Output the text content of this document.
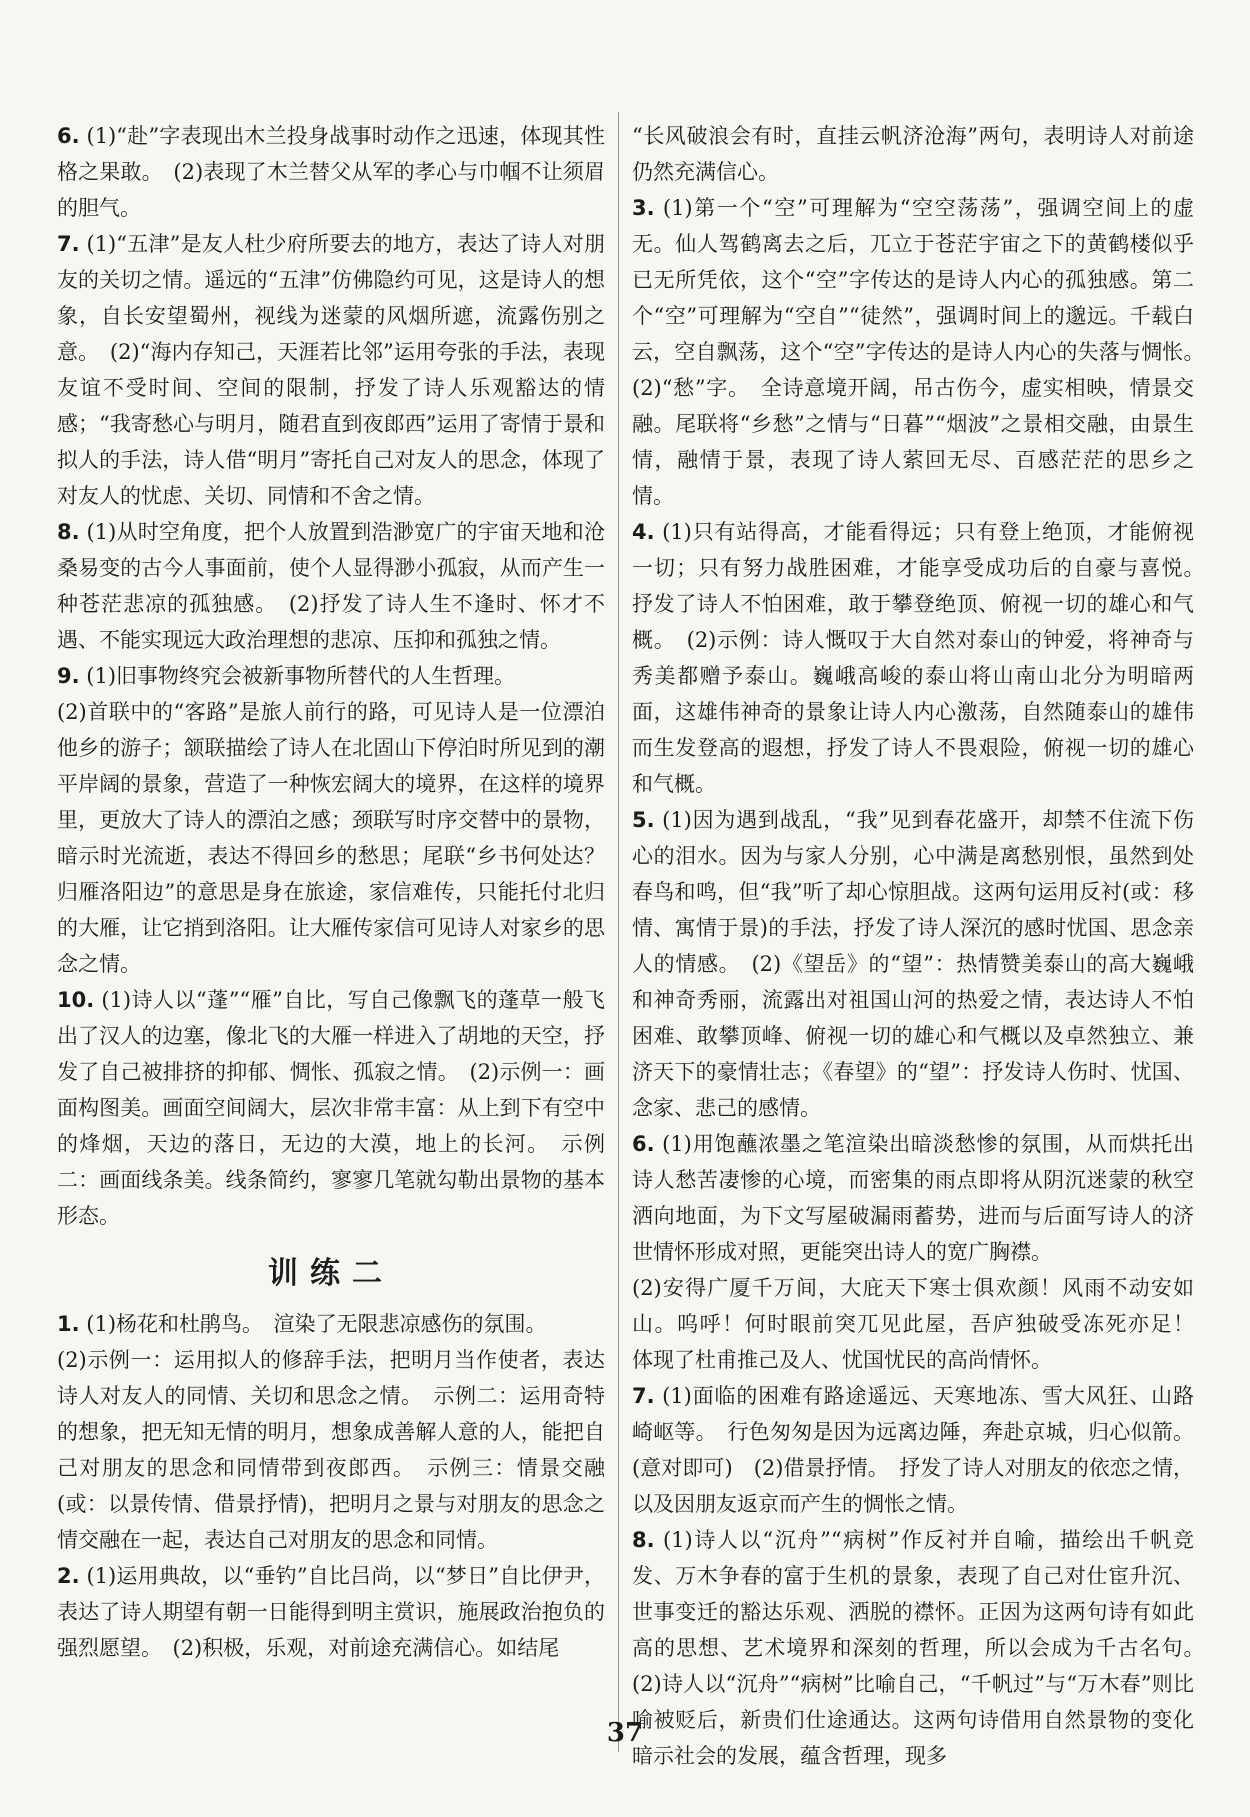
6. (1)“赴”字表现出木兰投身战事时动作之迅速，体现其性格之果敢。　(2)表现了木兰替父从军的孝心与巾帼不让须眉的胆气。

7. (1)“五津”是友人杜少府所要去的地方，表达了诗人对朋友的关切之情。遥远的“五津”仿佛隐约可见，这是诗人的想象，自长安望蜀州，视线为迷蒙的风烟所遮，流露伤别之意。　(2)“海内存知己，天涯若比邻”运用夸张的手法，表现友谊不受时间、空间的限制，抒发了诗人乐观豁达的情感；“我寄愁心与明月，随君直到夜郎西”运用了寄情于景和拟人的手法，诗人借“明月”寄托自己对友人的思念，体现了对友人的忧虑、关切、同情和不舍之情。

8. (1)从时空角度，把个人放置到浩渺宽广的宇宙天地和沧桑易变的古今人事面前，使个人显得渺小孤寂，从而产生一种苍茫悲凉的孤独感。　(2)抒发了诗人生不逢时、怀才不遇、不能实现远大政治理想的悲凉、压抑和孤独之情。

9. (1)旧事物终究会被新事物所替代的人生哲理。

(2)首联中的“客路”是旅人前行的路，可见诗人是一位漂泊他乡的游子；颔联描绘了诗人在北固山下停泊时所见到的潮平岸阔的景象，营造了一种恢宏阔大的境界，在这样的境界里，更放大了诗人的漂泊之感；颈联写时序交替中的景物，暗示时光流逝，表达不得回乡的愁思；尾联“乡书何处达？归雁洛阳边”的意思是身在旅途，家信难传，只能托付北归的大雁，让它捎到洛阳。让大雁传家信可见诗人对家乡的思念之情。

10. (1)诗人以“蓬”“雁”自比，写自己像飘飞的蓬草一般飞出了汉人的边塞，像北飞的大雁一样进入了胡地的天空，抒发了自己被排挤的抑郁、惆怅、孤寂之情。　(2)示例一：画面构图美。画面空间阔大，层次非常丰富：从上到下有空中的烽烟，天边的落日，无边的大漠，地上的长河。　示例二：画面线条美。线条简约，寥寥几笔就勾勒出景物的基本形态。

训练二

1. (1)杨花和杜鹃鸟。　渲染了无限悲凉感伤的氛围。

(2)示例一：运用拟人的修辞手法，把明月当作使者，表达诗人对友人的同情、关切和思念之情。　示例二：运用奇特的想象，把无知无情的明月，想象成善解人意的人，能把自己对朋友的思念和同情带到夜郎西。　示例三：情景交融(或：以景传情、借景抒情)，把明月之景与对朋友的思念之情交融在一起，表达自己对朋友的思念和同情。

2. (1)运用典故，以“垂钓”自比吕尚，以“梦日”自比伊尹，表达了诗人期望有朝一日能得到明主赏识，施展政治抱负的强烈愿望。　(2)积极，乐观，对前途充满信心。如结尾

“长风破浪会有时，直挂云帆济沧海”两句，表明诗人对前途仍然充满信心。

3. (1)第一个“空”可理解为“空空荡荡”，强调空间上的虚无。仙人驾鹤离去之后，兀立于苍茫宇宙之下的黄鹤楼似乎已无所凭依，这个“空”字传达的是诗人内心的孤独感。第二个“空”可理解为“空自”“徒然”，强调时间上的邈远。千载白云，空自飘荡，这个“空”字传达的是诗人内心的失落与惆怅。　(2)“愁”字。　全诗意境开阔，吊古伤今，虚实相映，情景交融。尾联将“乡愁”之情与“日暮”“烟波”之景相交融，由景生情，融情于景，表现了诗人萦回无尽、百感茫茫的思乡之情。

4. (1)只有站得高，才能看得远；只有登上绝顶，才能俯视一切；只有努力战胜困难，才能享受成功后的自豪与喜悦。　抒发了诗人不怕困难，敢于攀登绝顶、俯视一切的雄心和气概。　(2)示例：诗人慨叹于大自然对泰山的钟爱，将神奇与秀美都赠予泰山。巍峨高峻的泰山将山南山北分为明暗两面，这雄伟神奇的景象让诗人内心激荡，自然随泰山的雄伟而生发登高的遐想，抒发了诗人不畏艰险，俯视一切的雄心和气概。

5. (1)因为遇到战乱，“我”见到春花盛开，却禁不住流下伤心的泪水。因为与家人分别，心中满是离愁别恨，虽然到处春鸟和鸣，但“我”听了却心惊胆战。这两句运用反衬(或：移情、寓情于景)的手法，抒发了诗人深沉的感时忧国、思念亲人的情感。　(2)《望岳》的“望”：热情赞美泰山的高大巍峨和神奇秀丽，流露出对祖国山河的热爱之情，表达诗人不怕困难、敢攀顶峰、俯视一切的雄心和气概以及卓然独立、兼济天下的豪情壮志；《春望》的“望”：抒发诗人伤时、忧国、念家、悲己的感情。

6. (1)用饱蘸浓墨之笔渲染出暗淡愁惨的氛围，从而烘托出诗人愁苦凄惨的心境，而密集的雨点即将从阴沉迷蒙的秋空洒向地面，为下文写屋破漏雨蓄势，进而与后面写诗人的济世情怀形成对照，更能突出诗人的宽广胸襟。

(2)安得广厦千万间，大庇天下寒士俱欢颜！风雨不动安如山。呜呼！何时眼前突兀见此屋，吾庐独破受冻死亦足！　体现了杜甫推己及人、忧国忧民的高尚情怀。

7. (1)面临的困难有路途遥远、天寒地冻、雪大风狂、山路崎岖等。　行色匆匆是因为远离边陲，奔赴京城，归心似箭。(意对即可)　(2)借景抒情。　抒发了诗人对朋友的依恋之情，以及因朋友返京而产生的惆怅之情。

8. (1)诗人以“沉舟”“病树”作反衬并自喻，描绘出千帆竞发、万木争春的富于生机的景象，表现了自己对仕宦升沉、世事变迁的豁达乐观、洒脱的襟怀。正因为这两句诗有如此高的思想、艺术境界和深刻的哲理，所以会成为千古名句。　(2)诗人以“沉舟”“病树”比喻自己，“千帆过”与“万木春”则比喻被贬后，新贵们仕途通达。这两句诗借用自然景物的变化暗示社会的发展，蕴含哲理，现多

37
